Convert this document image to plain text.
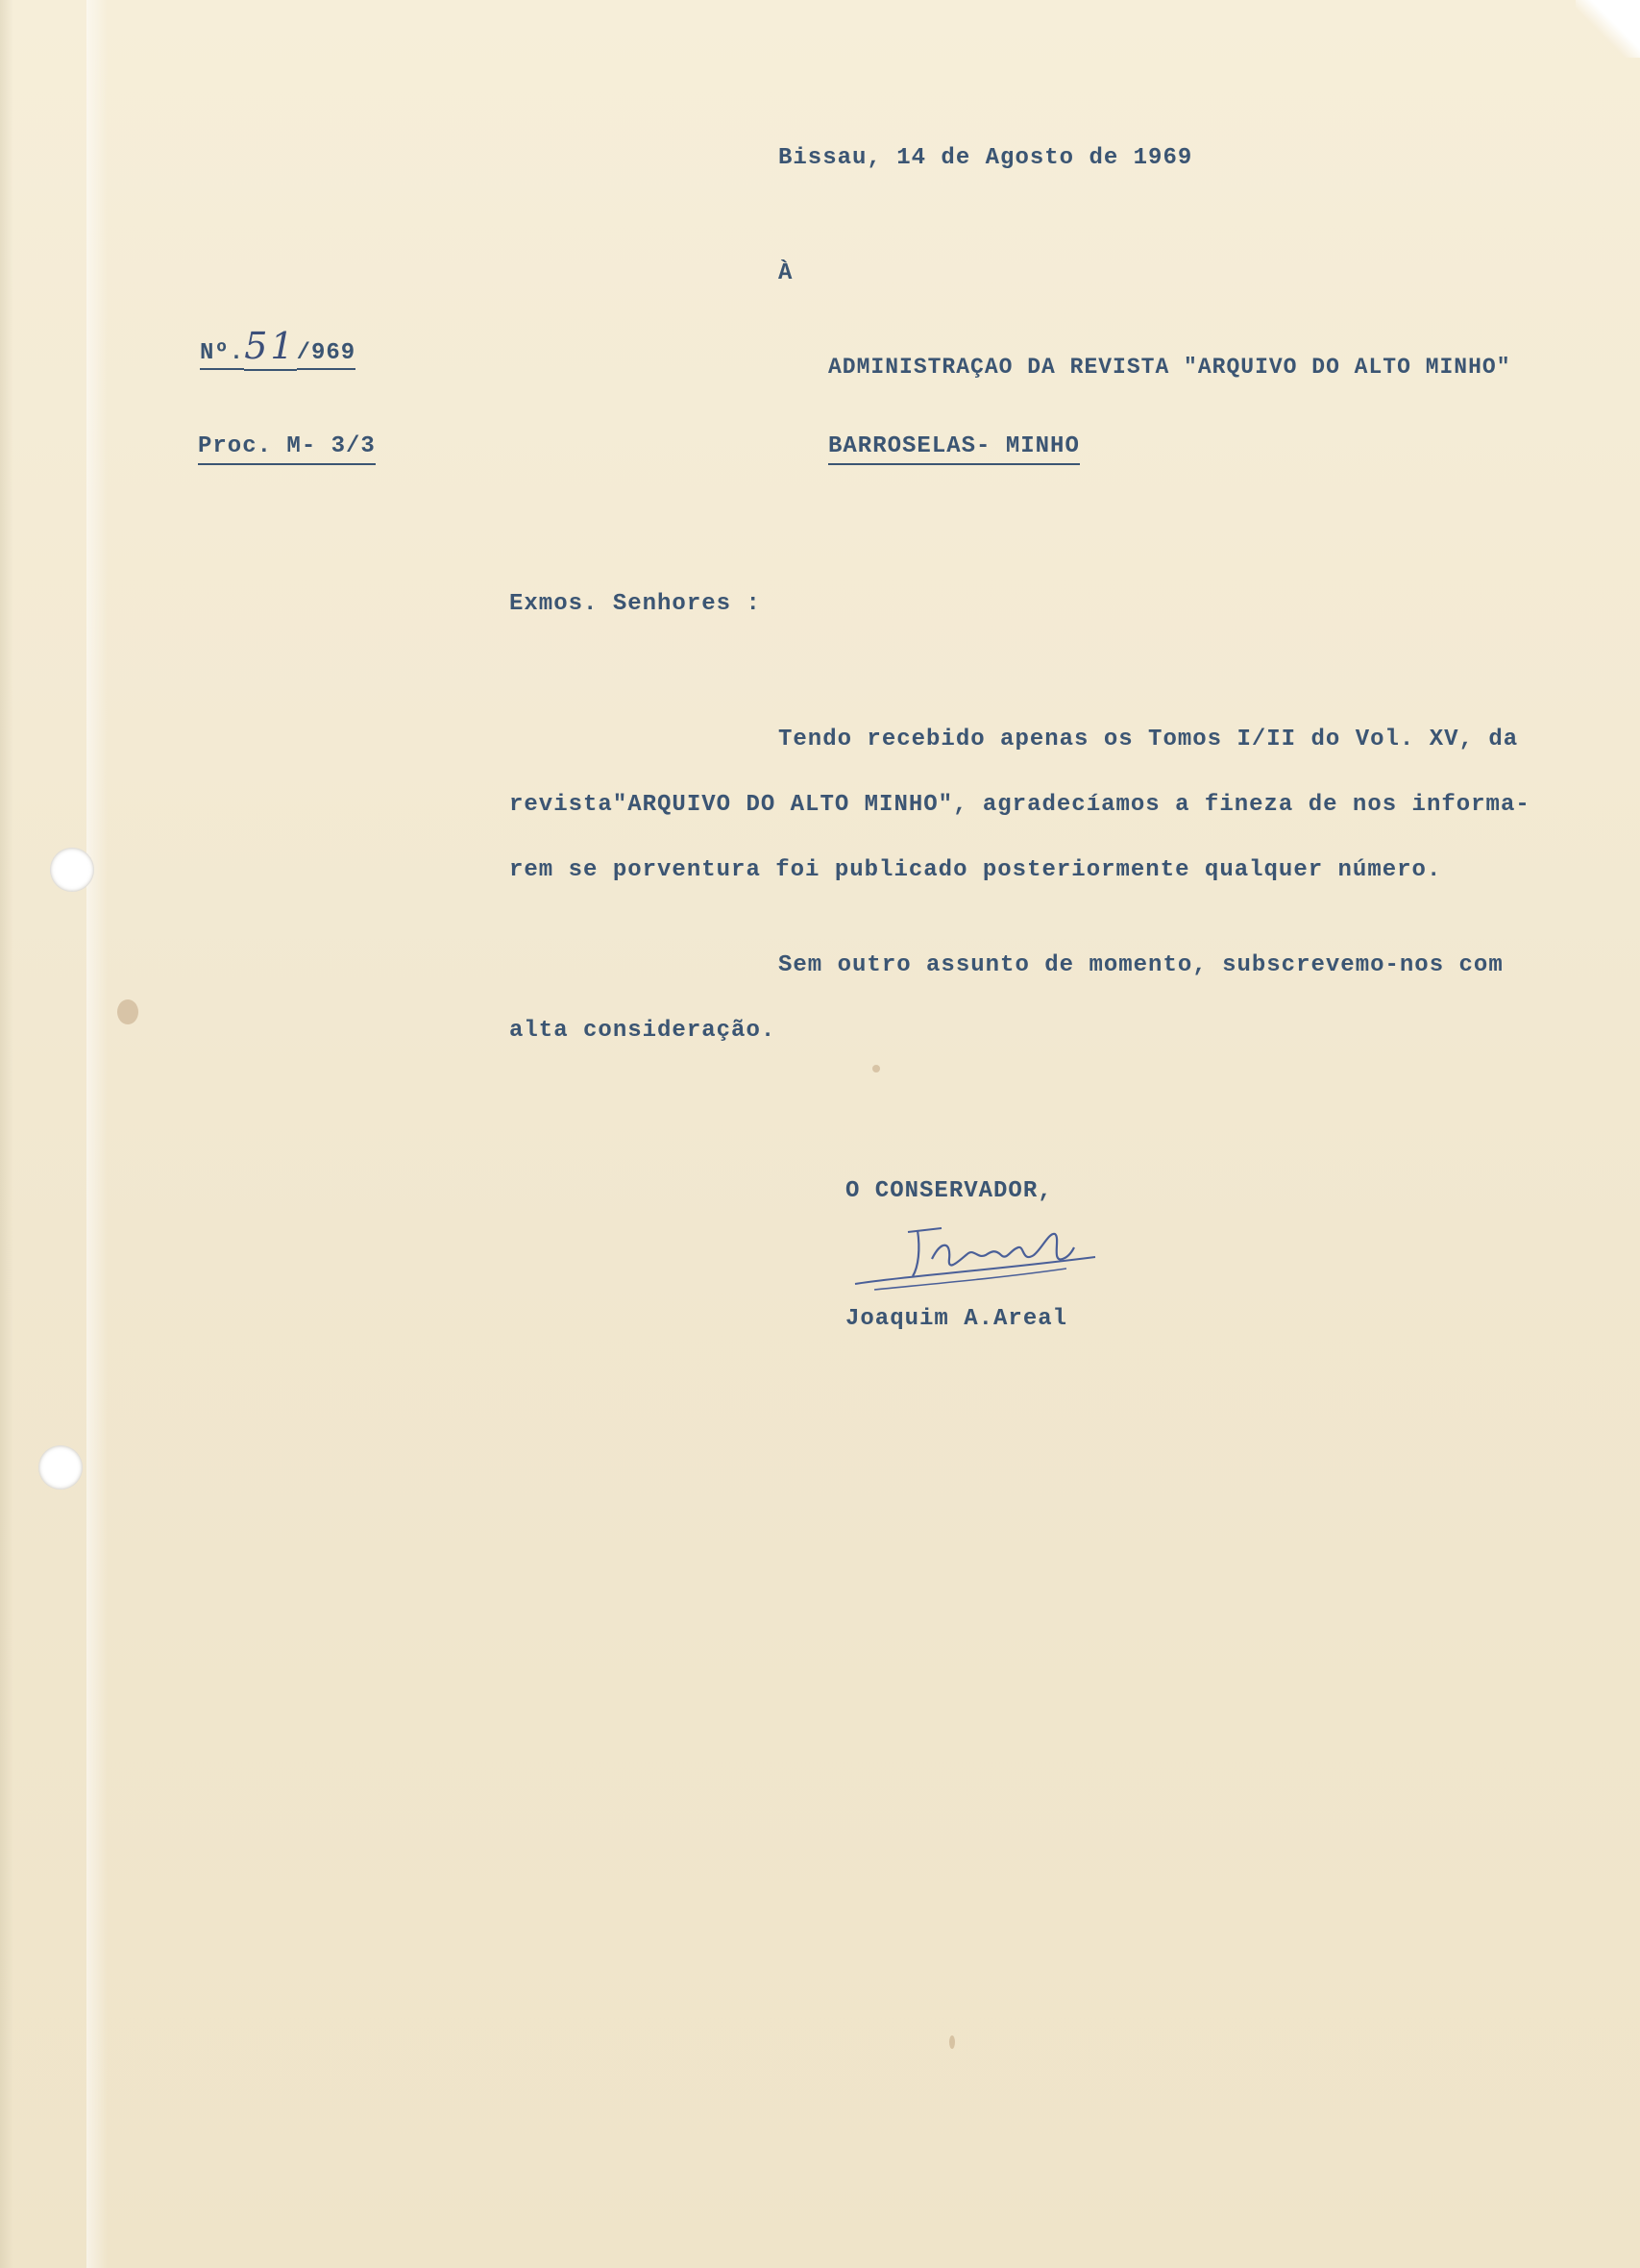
Bissau, 14 de Agosto de 1969
À
Nº.51/969
ADMINISTRAÇAO DA REVISTA "ARQUIVO DO ALTO MINHO"
Proc. M- 3/3	BARROSELAS- MINHO
Exmos. Senhores :
Tendo recebido apenas os Tomos I/II do Vol. XV, da
revista"ARQUIVO DO ALTO MINHO", agradecíamos a fineza de nos informa-
rem se porventura foi publicado posteriormente qualquer número.
Sem outro assunto de momento, subscrevemo-nos com
alta consideração.
O CONSERVADOR,
Joaquim A.Areal
